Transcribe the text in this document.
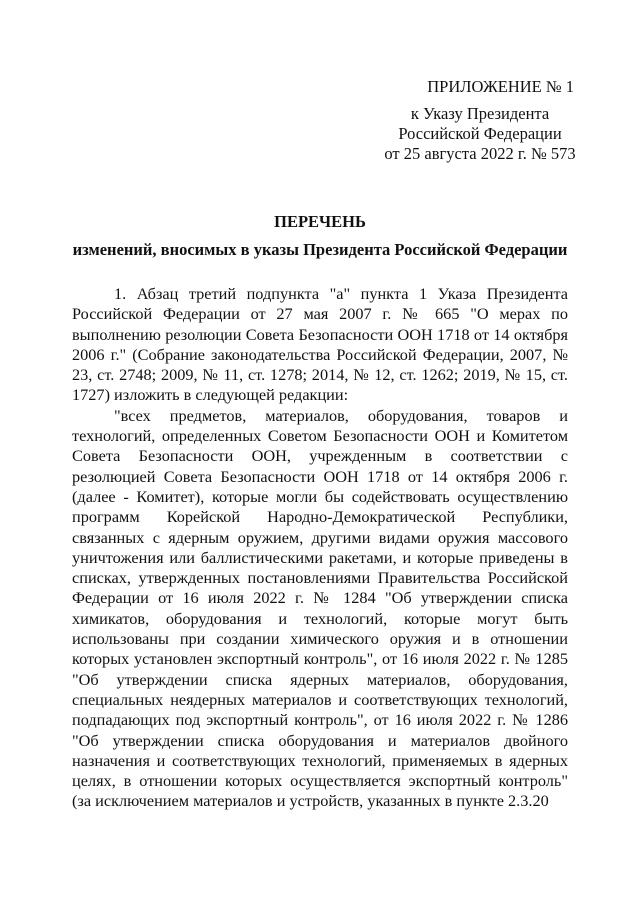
ПРИЛОЖЕНИЕ № 1
к Указу Президента
Российской Федерации
от 25 августа 2022 г. № 573
ПЕРЕЧЕНЬ
изменений, вносимых в указы Президента Российской Федерации

1. Абзац третий подпункта "а" пункта 1 Указа Президента Российской Федерации от 27 мая 2007 г. № 665 "О мерах по выполнению резолюции Совета Безопасности ООН 1718 от 14 октября 2006 г." (Собрание законодательства Российской Федерации, 2007, № 23, ст. 2748; 2009, № 11, ст. 1278; 2014, № 12, ст. 1262; 2019, № 15, ст. 1727) изложить в следующей редакции:

"всех предметов, материалов, оборудования, товаров и технологий, определенных Советом Безопасности ООН и Комитетом Совета Безопасности ООН, учрежденным в соответствии с резолюцией Совета Безопасности ООН 1718 от 14 октября 2006 г. (далее - Комитет), которые могли бы содействовать осуществлению программ Корейской Народно-Демократической Республики, связанных с ядерным оружием, другими видами оружия массового уничтожения или баллистическими ракетами, и которые приведены в списках, утвержденных постановлениями Правительства Российской Федерации от 16 июля 2022 г. № 1284 "Об утверждении списка химикатов, оборудования и технологий, которые могут быть использованы при создании химического оружия и в отношении которых установлен экспортный контроль", от 16 июля 2022 г. № 1285 "Об утверждении списка ядерных материалов, оборудования, специальных неядерных материалов и соответствующих технологий, подпадающих под экспортный контроль", от 16 июля 2022 г. № 1286 "Об утверждении списка оборудования и материалов двойного назначения и соответствующих технологий, применяемых в ядерных целях, в отношении которых осуществляется экспортный контроль" (за исключением материалов и устройств, указанных в пункте 2.3.20
